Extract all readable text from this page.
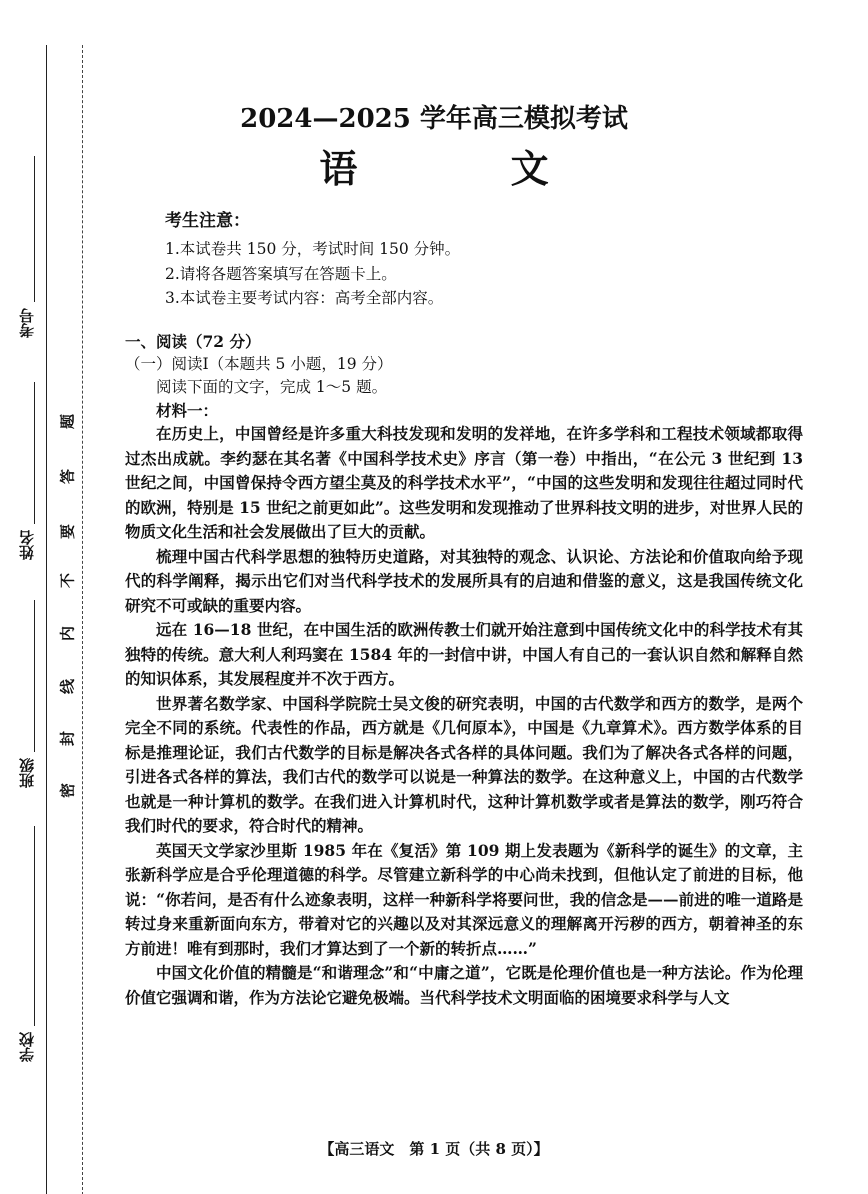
考号
姓名
班级
学校
题
答
要
不
内
线
封
密
2024—2025 学年高三模拟考试
语 文
考生注意：
1.本试卷共 150 分，考试时间 150 分钟。
2.请将各题答案填写在答题卡上。
3.本试卷主要考试内容：高考全部内容。
一、阅读（72 分）
（一）阅读Ⅰ（本题共 5 小题，19 分）
阅读下面的文字，完成 1～5 题。
材料一：

在历史上，中国曾经是许多重大科技发现和发明的发祥地，在许多学科和工程技术领域都取得过杰出成就。李约瑟在其名著《中国科学技术史》序言（第一卷）中指出，“在公元 3 世纪到 13 世纪之间，中国曾保持令西方望尘莫及的科学技术水平”，“中国的这些发明和发现往往超过同时代的欧洲，特别是 15 世纪之前更如此”。这些发明和发现推动了世界科技文明的进步，对世界人民的物质文化生活和社会发展做出了巨大的贡献。

梳理中国古代科学思想的独特历史道路，对其独特的观念、认识论、方法论和价值取向给予现代的科学阐释，揭示出它们对当代科学技术的发展所具有的启迪和借鉴的意义，这是我国传统文化研究不可或缺的重要内容。

远在 16—18 世纪，在中国生活的欧洲传教士们就开始注意到中国传统文化中的科学技术有其独特的传统。意大利人利玛窦在 1584 年的一封信中讲，中国人有自己的一套认识自然和解释自然的知识体系，其发展程度并不次于西方。

世界著名数学家、中国科学院院士吴文俊的研究表明，中国的古代数学和西方的数学，是两个完全不同的系统。代表性的作品，西方就是《几何原本》，中国是《九章算术》。西方数学体系的目标是推理论证，我们古代数学的目标是解决各式各样的具体问题。我们为了解决各式各样的问题，引进各式各样的算法，我们古代的数学可以说是一种算法的数学。在这种意义上，中国的古代数学也就是一种计算机的数学。在我们进入计算机时代，这种计算机数学或者是算法的数学，刚巧符合我们时代的要求，符合时代的精神。

英国天文学家沙里斯 1985 年在《复活》第 109 期上发表题为《新科学的诞生》的文章，主张新科学应是合乎伦理道德的科学。尽管建立新科学的中心尚未找到，但他认定了前进的目标，他说：“你若问，是否有什么迹象表明，这样一种新科学将要问世，我的信念是——前进的唯一道路是转过身来重新面向东方，带着对它的兴趣以及对其深远意义的理解离开污秽的西方，朝着神圣的东方前进！唯有到那时，我们才算达到了一个新的转折点……”

中国文化价值的精髓是“和谐理念”和“中庸之道”，它既是伦理价值也是一种方法论。作为伦理价值它强调和谐，作为方法论它避免极端。当代科学技术文明面临的困境要求科学与人文

【高三语文　第 1 页（共 8 页）】
